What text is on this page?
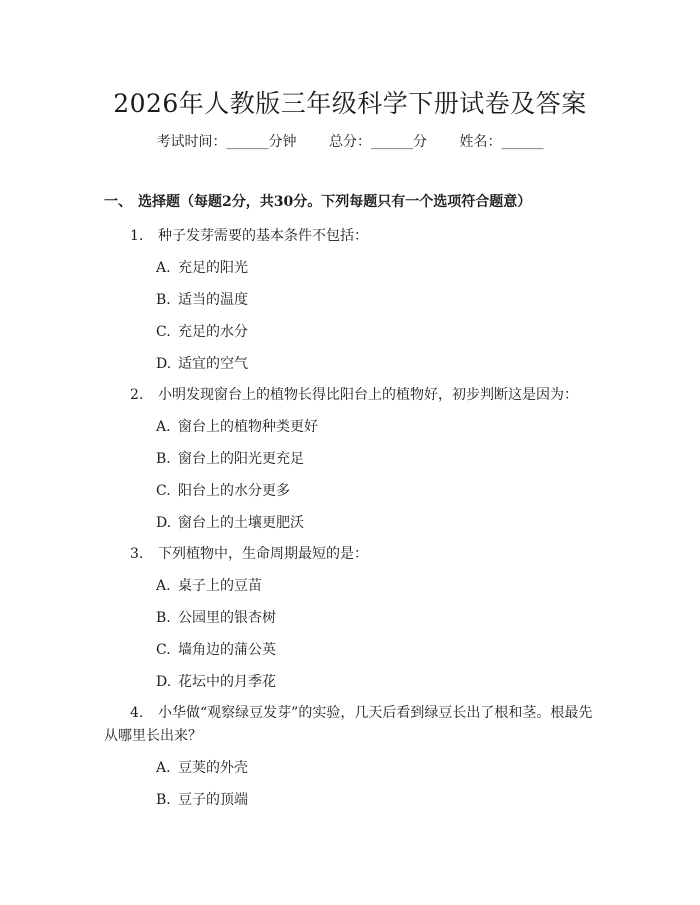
2026年人教版三年级科学下册试卷及答案
考试时间：______分钟 总分：______分 姓名：______
一、 选择题（每题2分，共30分。下列每题只有一个选项符合题意）
1. 种子发芽需要的基本条件不包括：
A. 充足的阳光
B. 适当的温度
C. 充足的水分
D. 适宜的空气
2. 小明发现窗台上的植物长得比阳台上的植物好，初步判断这是因为：
A. 窗台上的植物种类更好
B. 窗台上的阳光更充足
C. 阳台上的水分更多
D. 窗台上的土壤更肥沃
3. 下列植物中，生命周期最短的是：
A. 桌子上的豆苗
B. 公园里的银杏树
C. 墙角边的蒲公英
D. 花坛中的月季花
4. 小华做“观察绿豆发芽”的实验，几天后看到绿豆长出了根和茎。根最先从哪里长出来？
A. 豆荚的外壳
B. 豆子的顶端
